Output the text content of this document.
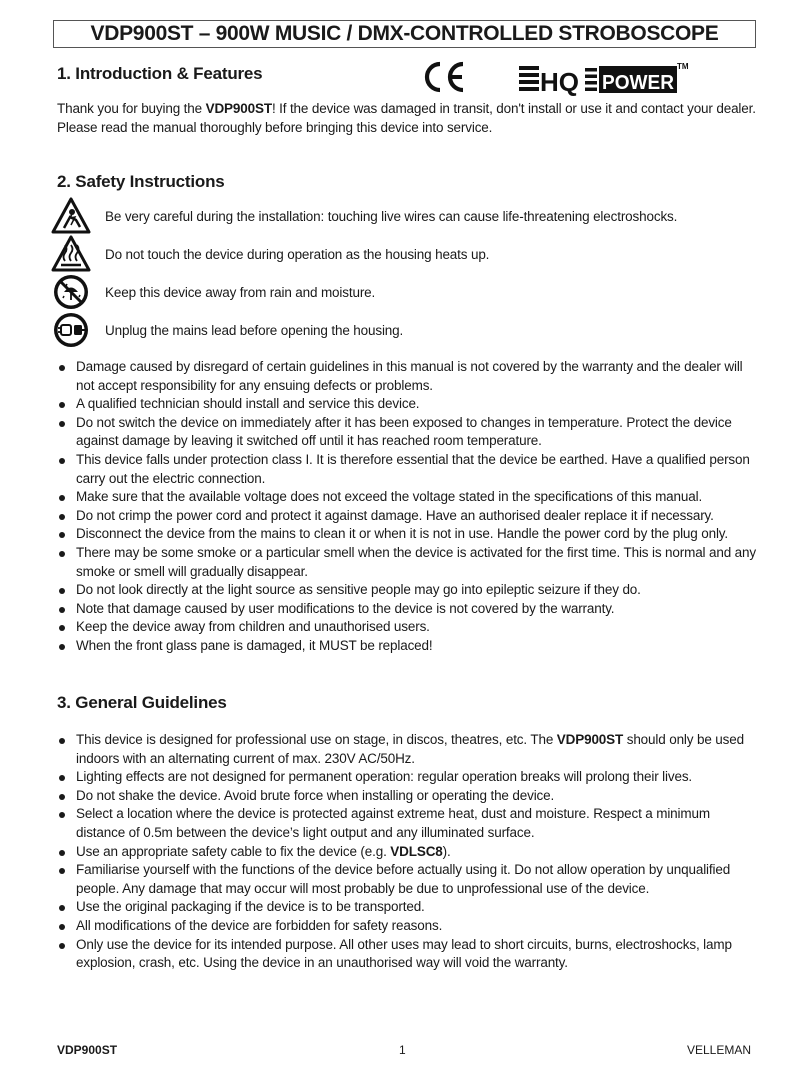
VDP900ST – 900W MUSIC / DMX-CONTROLLED STROBOSCOPE
1. Introduction & Features
CE
HQ POWER
TM
Thank you for buying the VDP900ST! If the device was damaged in transit, don't install or use it and contact your dealer. Please read the manual thoroughly before bringing this device into service.
2. Safety Instructions
Be very careful during the installation: touching live wires can cause life-threatening electroshocks.
Do not touch the device during operation as the housing heats up.
Keep this device away from rain and moisture.
Unplug the mains lead before opening the housing.
Damage caused by disregard of certain guidelines in this manual is not covered by the warranty and the dealer will not accept responsibility for any ensuing defects or problems.
A qualified technician should install and service this device.
Do not switch the device on immediately after it has been exposed to changes in temperature. Protect the device against damage by leaving it switched off until it has reached room temperature.
This device falls under protection class I. It is therefore essential that the device be earthed. Have a qualified person carry out the electric connection.
Make sure that the available voltage does not exceed the voltage stated in the specifications of this manual.
Do not crimp the power cord and protect it against damage. Have an authorised dealer replace it if necessary.
Disconnect the device from the mains to clean it or when it is not in use. Handle the power cord by the plug only.
There may be some smoke or a particular smell when the device is activated for the first time. This is normal and any smoke or smell will gradually disappear.
Do not look directly at the light source as sensitive people may go into epileptic seizure if they do.
Note that damage caused by user modifications to the device is not covered by the warranty.
Keep the device away from children and unauthorised users.
When the front glass pane is damaged, it MUST be replaced!
3. General Guidelines
This device is designed for professional use on stage, in discos, theatres, etc. The VDP900ST should only be used indoors with an alternating current of max. 230V AC/50Hz.
Lighting effects are not designed for permanent operation: regular operation breaks will prolong their lives.
Do not shake the device. Avoid brute force when installing or operating the device.
Select a location where the device is protected against extreme heat, dust and moisture. Respect a minimum distance of 0.5m between the device’s light output and any illuminated surface.
Use an appropriate safety cable to fix the device (e.g. VDLSC8).
Familiarise yourself with the functions of the device before actually using it. Do not allow operation by unqualified people. Any damage that may occur will most probably be due to unprofessional use of the device.
Use the original packaging if the device is to be transported.
All modifications of the device are forbidden for safety reasons.
Only use the device for its intended purpose. All other uses may lead to short circuits, burns, electroshocks, lamp explosion, crash, etc. Using the device in an unauthorised way will void the warranty.
VDP900ST	1	VELLEMAN
